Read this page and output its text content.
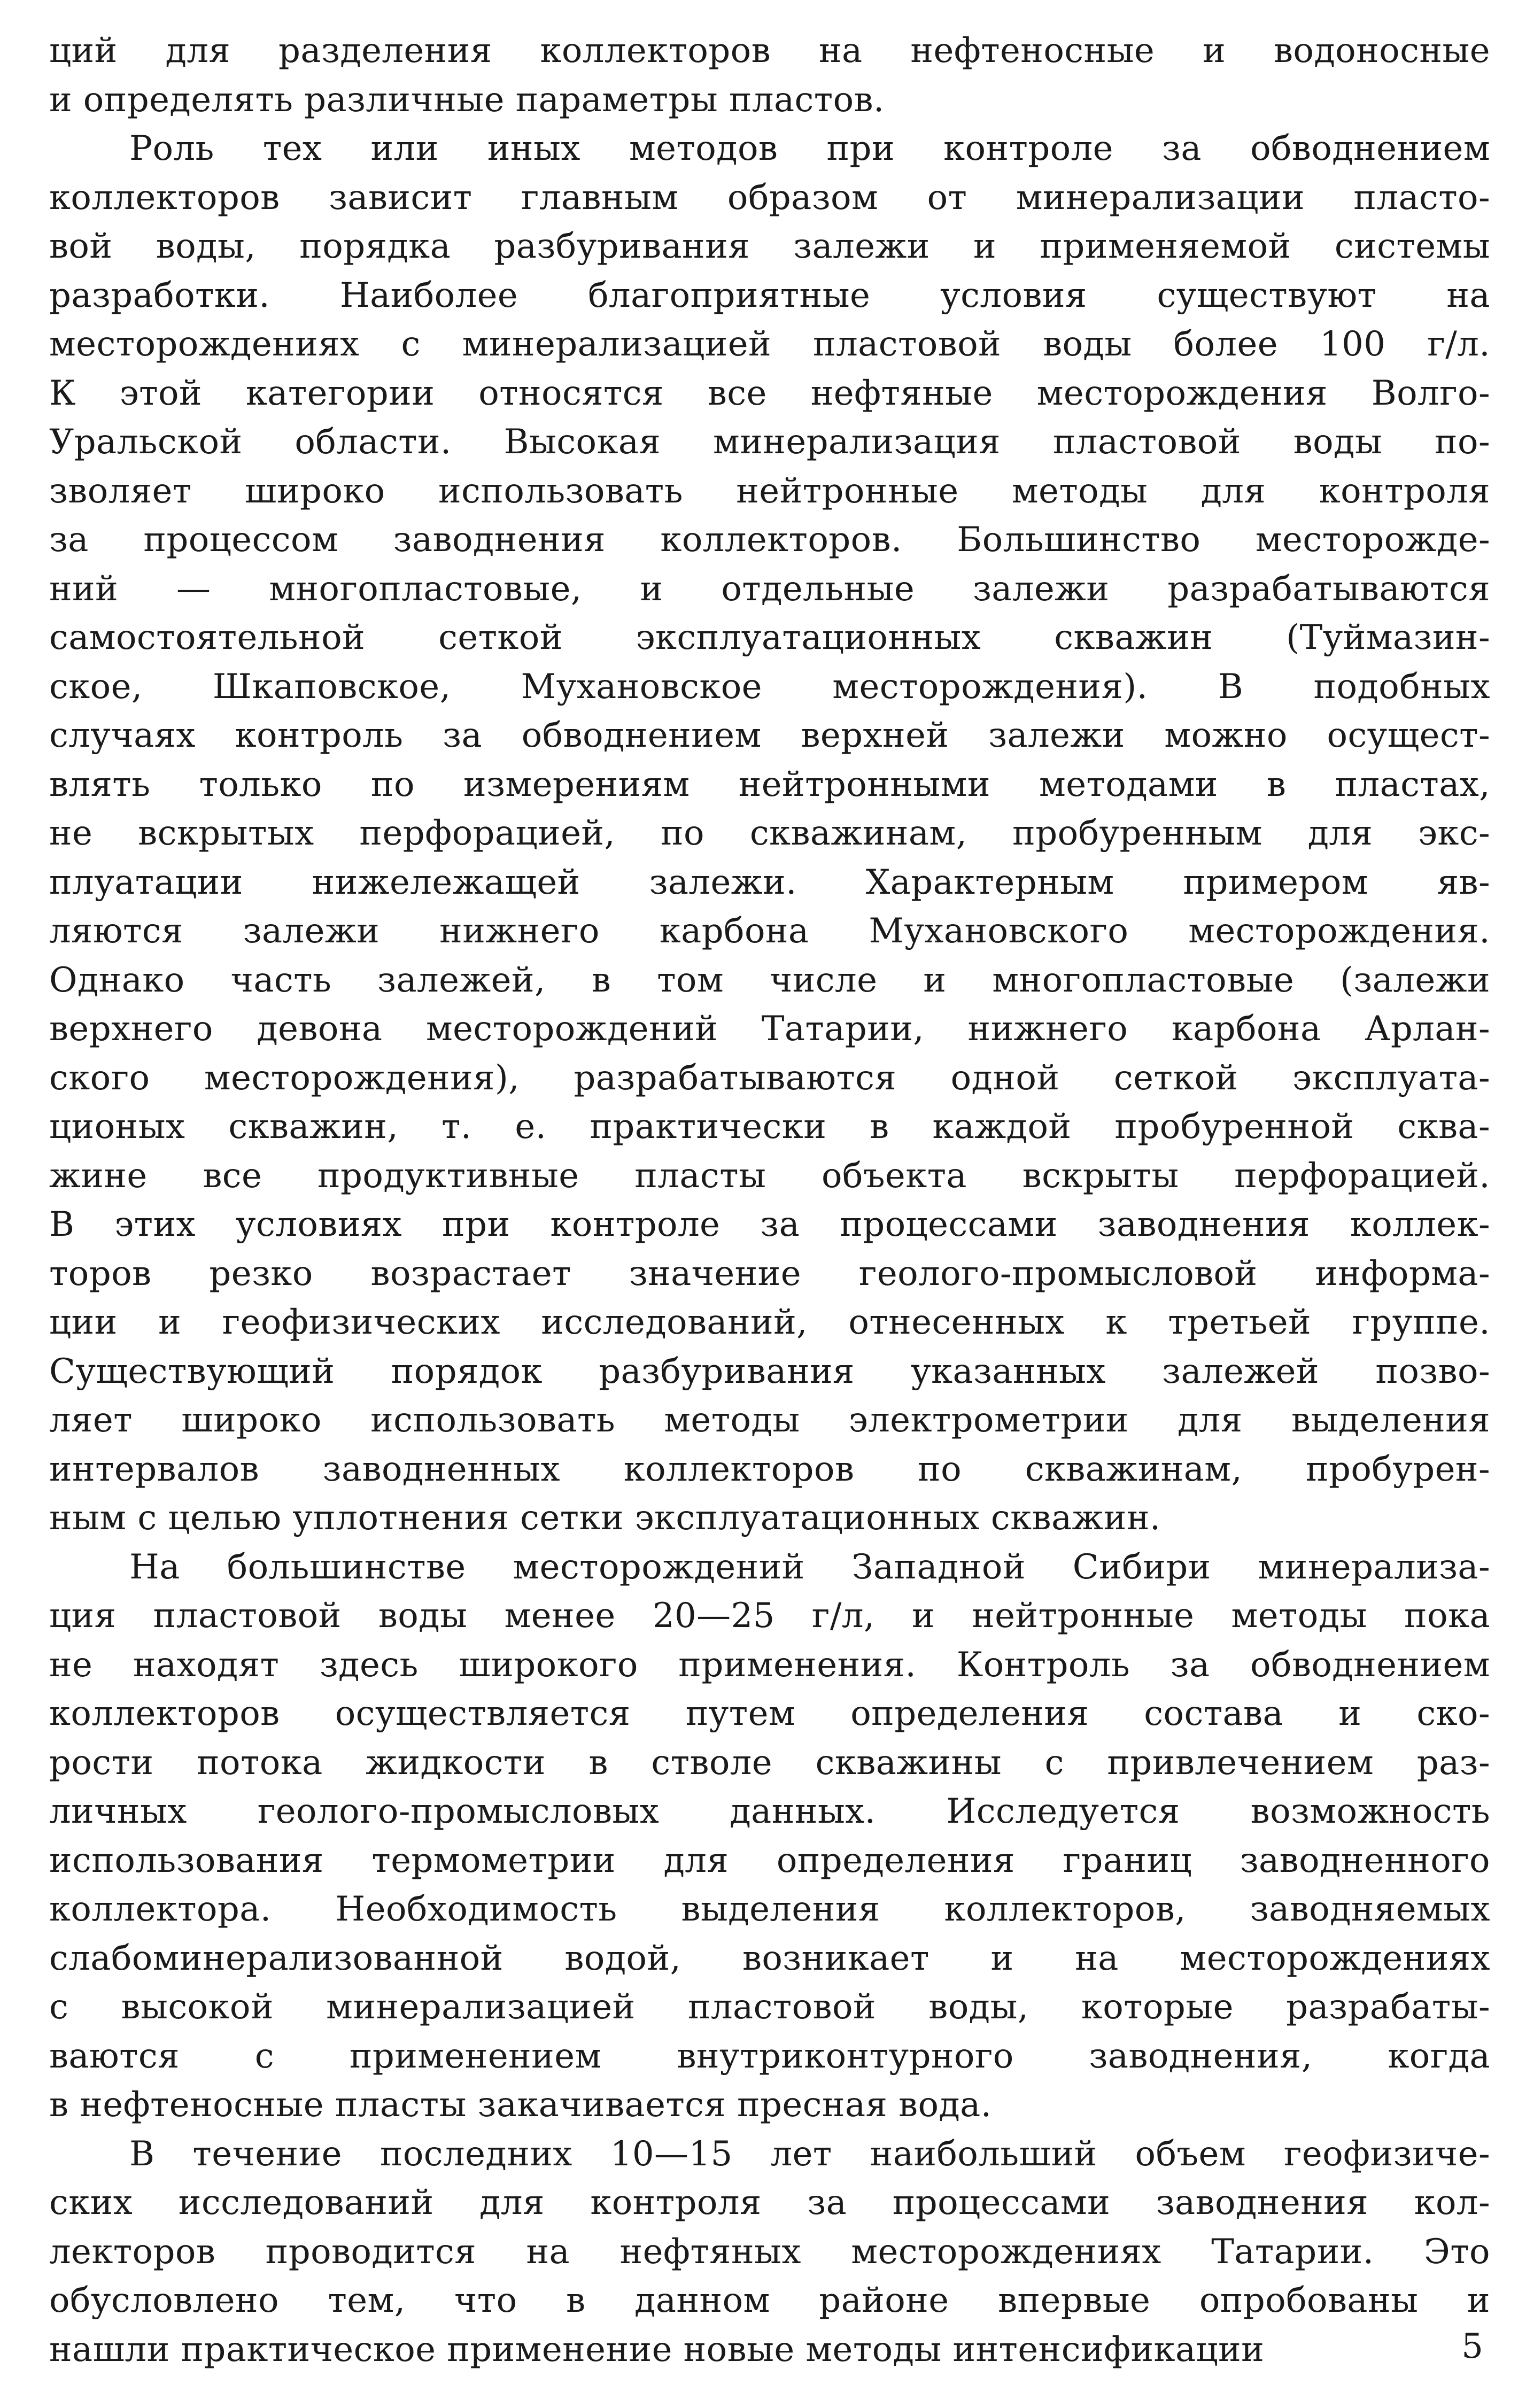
ций для разделения коллекторов на нефтеносные и водоносные
и определять различные параметры пластов.
Роль тех или иных методов при контроле за обводнением
коллекторов зависит главным образом от минерализации пласто-
вой воды, порядка разбуривания залежи и применяемой системы
разработки. Наиболее благоприятные условия существуют на
месторождениях с минерализацией пластовой воды более 100 г/л.
К этой категории относятся все нефтяные месторождения Волго-
Уральской области. Высокая минерализация пластовой воды по-
зволяет широко использовать нейтронные методы для контроля
за процессом заводнения коллекторов. Большинство месторожде-
ний — многопластовые, и отдельные залежи разрабатываются
самостоятельной сеткой эксплуатационных скважин (Туймазин-
ское, Шкаповское, Мухановское месторождения). В подобных
случаях контроль за обводнением верхней залежи можно осущест-
влять только по измерениям нейтронными методами в пластах,
не вскрытых перфорацией, по скважинам, пробуренным для экс-
плуатации нижележащей залежи. Характерным примером яв-
ляются залежи нижнего карбона Мухановского месторождения.
Однако часть залежей, в том числе и многопластовые (залежи
верхнего девона месторождений Татарии, нижнего карбона Арлан-
ского месторождения), разрабатываются одной сеткой эксплуата-
ционых скважин, т. е. практически в каждой пробуренной сква-
жине все продуктивные пласты объекта вскрыты перфорацией.
В этих условиях при контроле за процессами заводнения коллек-
торов резко возрастает значение геолого-промысловой информа-
ции и геофизических исследований, отнесенных к третьей группе.
Существующий порядок разбуривания указанных залежей позво-
ляет широко использовать методы электрометрии для выделения
интервалов заводненных коллекторов по скважинам, пробурен-
ным с целью уплотнения сетки эксплуатационных скважин.
На большинстве месторождений Западной Сибири минерализа-
ция пластовой воды менее 20—25 г/л, и нейтронные методы пока
не находят здесь широкого применения. Контроль за обводнением
коллекторов осуществляется путем определения состава и ско-
рости потока жидкости в стволе скважины с привлечением раз-
личных геолого-промысловых данных. Исследуется возможность
использования термометрии для определения границ заводненного
коллектора. Необходимость выделения коллекторов, заводняемых
слабоминерализованной водой, возникает и на месторождениях
с высокой минерализацией пластовой воды, которые разрабаты-
ваются с применением внутриконтурного заводнения, когда
в нефтеносные пласты закачивается пресная вода.
В течение последних 10—15 лет наибольший объем геофизиче-
ских исследований для контроля за процессами заводнения кол-
лекторов проводится на нефтяных месторождениях Татарии. Это
обусловлено тем, что в данном районе впервые опробованы и
нашли практическое применение новые методы интенсификации	5
